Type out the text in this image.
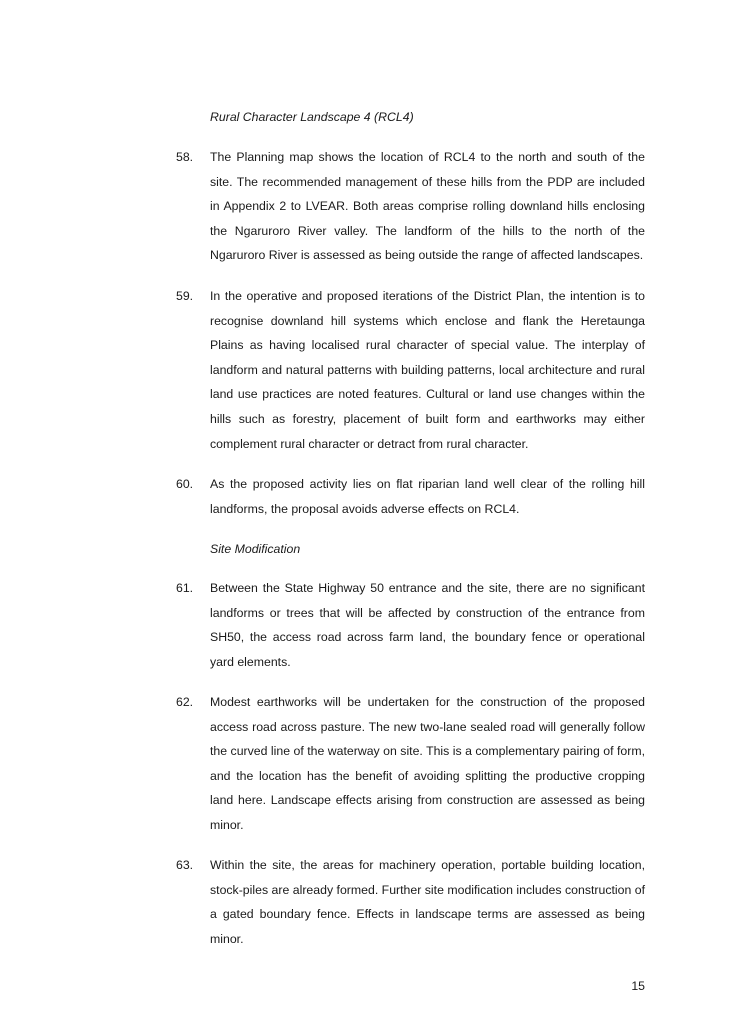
Rural Character Landscape 4 (RCL4)
58.	The Planning map shows the location of RCL4 to the north and south of the site. The recommended management of these hills from the PDP are included in Appendix 2 to LVEAR. Both areas comprise rolling downland hills enclosing the Ngaruroro River valley. The landform of the hills to the north of the Ngaruroro River is assessed as being outside the range of affected landscapes.
59.	In the operative and proposed iterations of the District Plan, the intention is to recognise downland hill systems which enclose and flank the Heretaunga Plains as having localised rural character of special value. The interplay of landform and natural patterns with building patterns, local architecture and rural land use practices are noted features. Cultural or land use changes within the hills such as forestry, placement of built form and earthworks may either complement rural character or detract from rural character.
60.	As the proposed activity lies on flat riparian land well clear of the rolling hill landforms, the proposal avoids adverse effects on RCL4.
Site Modification
61.	Between the State Highway 50 entrance and the site, there are no significant landforms or trees that will be affected by construction of the entrance from SH50, the access road across farm land, the boundary fence or operational yard elements.
62.	Modest earthworks will be undertaken for the construction of the proposed access road across pasture. The new two-lane sealed road will generally follow the curved line of the waterway on site. This is a complementary pairing of form, and the location has the benefit of avoiding splitting the productive cropping land here. Landscape effects arising from construction are assessed as being minor.
63.	Within the site, the areas for machinery operation, portable building location, stock-piles are already formed. Further site modification includes construction of a gated boundary fence. Effects in landscape terms are assessed as being minor.
15
